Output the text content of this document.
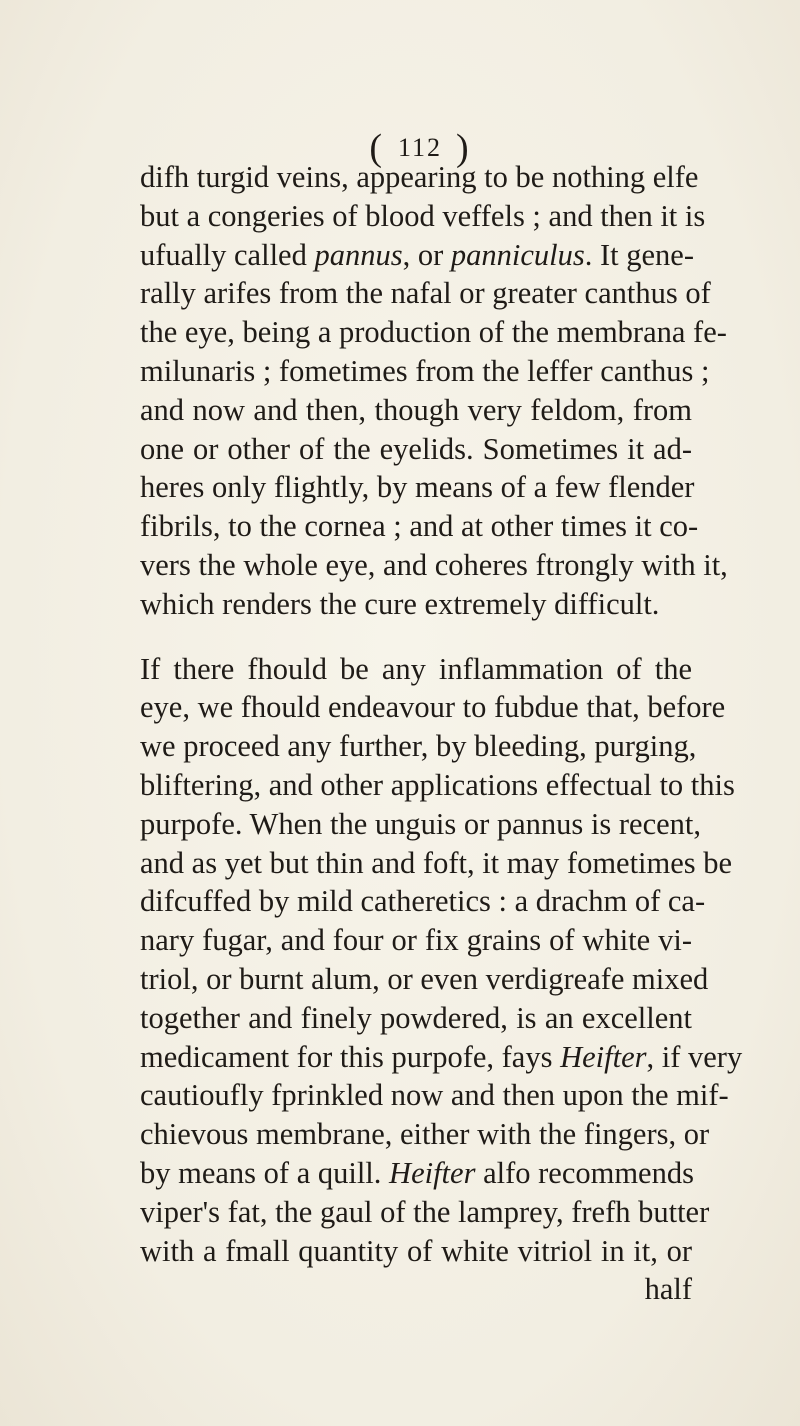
( 112 )
difh turgid veins, appearing to be nothing elfe
but a congeries of blood veffels ; and then it is
ufually called pannus, or panniculus. It gene-
rally arifes from the nafal or greater canthus of
the eye, being a production of the membrana fe-
milunaris ; fometimes from the leffer canthus ;
and now and then, though very feldom, from
one or other of the eyelids. Sometimes it ad-
heres only flightly, by means of a few flender
fibrils, to the cornea ; and at other times it co-
vers the whole eye, and coheres ftrongly with it,
which renders the cure extremely difficult.
If there fhould be any inflammation of the
eye, we fhould endeavour to fubdue that, before
we proceed any further, by bleeding, purging,
bliftering, and other applications effectual to this
purpofe. When the unguis or pannus is recent,
and as yet but thin and foft, it may fometimes be
difcuffed by mild catheretics : a drachm of ca-
nary fugar, and four or fix grains of white vi-
triol, or burnt alum, or even verdigreafe mixed
together and finely powdered, is an excellent
medicament for this purpofe, fays Heifter, if very
cautioufly fprinkled now and then upon the mif-
chievous membrane, either with the fingers, or
by means of a quill. Heifter alfo recommends
viper's fat, the gaul of the lamprey, frefh butter
with a fmall quantity of white vitriol in it, or
half
